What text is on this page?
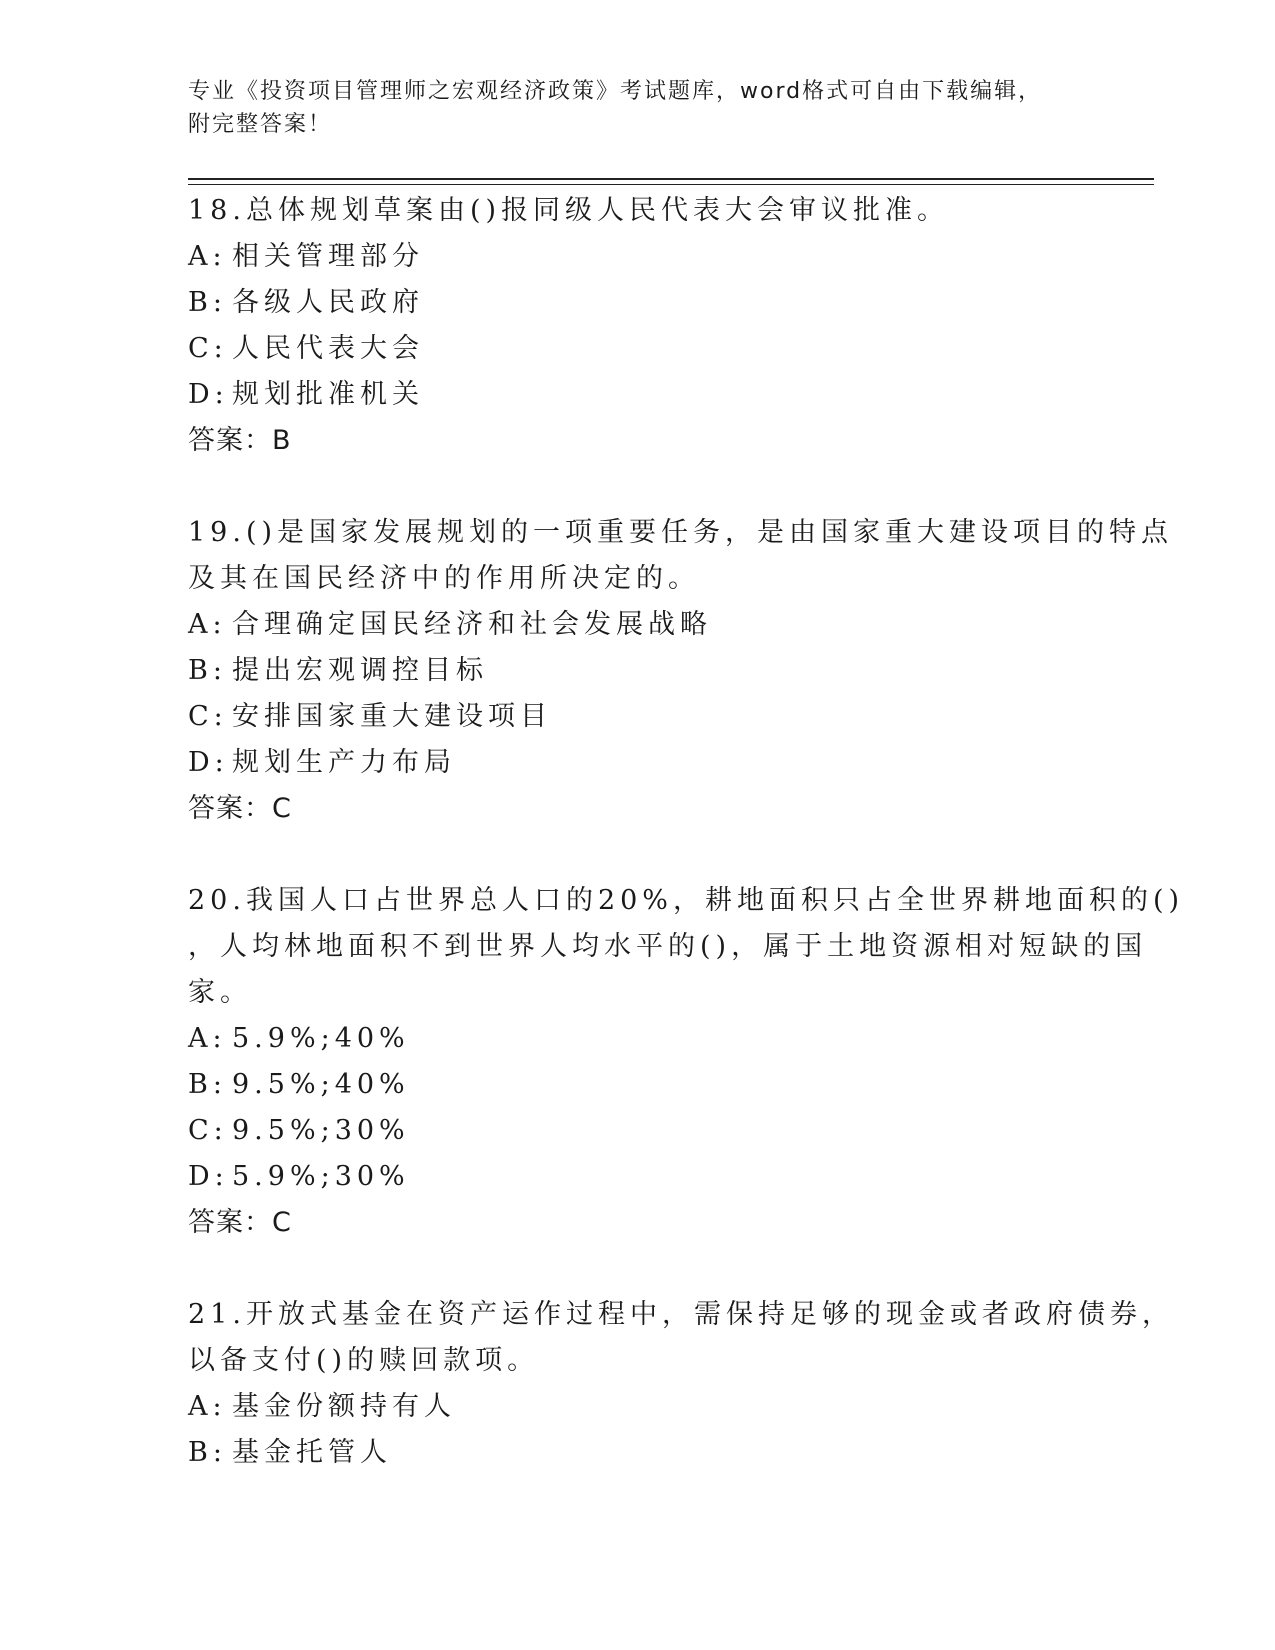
专业《投资项目管理师之宏观经济政策》考试题库，word格式可自由下载编辑，
附完整答案！
18.总体规划草案由()报同级人民代表大会审议批准。
A: 相关管理部分
B: 各级人民政府
C: 人民代表大会
D: 规划批准机关
答案：B
19.()是国家发展规划的一项重要任务，是由国家重大建设项目的特点
及其在国民经济中的作用所决定的。
A: 合理确定国民经济和社会发展战略
B: 提出宏观调控目标
C: 安排国家重大建设项目
D: 规划生产力布局
答案：C
20.我国人口占世界总人口的20%，耕地面积只占全世界耕地面积的()
，人均林地面积不到世界人均水平的()，属于土地资源相对短缺的国
家。
A: 5.9%;40%
B: 9.5%;40%
C: 9.5%;30%
D: 5.9%;30%
答案：C
21.开放式基金在资产运作过程中，需保持足够的现金或者政府债券，
以备支付()的赎回款项。
A: 基金份额持有人
B: 基金托管人
